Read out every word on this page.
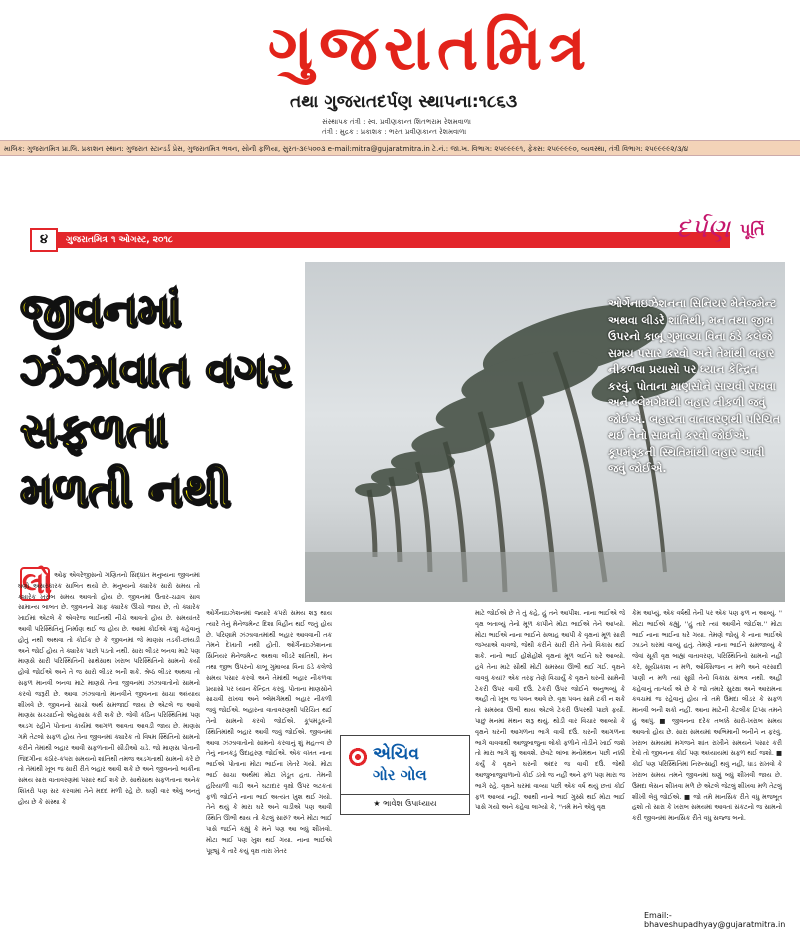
ગુજરાતમિત્ર
તથા ગુજરાતદર્પણ સ્થાપના:૧૮૬૩
સંસ્થાપક તંત્રી : સ્વ. પ્રવીણકાન્ત શિતભરામ રેશમવાળા
તંત્રી : મુદ્રક : પ્રકાશક : ભરત પ્રવીણકાન્ત રેશમવાળા
માલિક: ગુજરાતમિત્ર પ્રા.લિ. પ્રકાશન સ્થાન: ગુજરાત સ્ટાન્ડર્ડ પ્રેસ, ગુજરાતમિત્ર ભવન, સોની ફળિયા, સુરત-૩૯૫૦૦૩ e-mail:mitra@gujaratmitra.in ટે.નં.: જા.ખ. વિભાગ: ૨૫૯૯૯૯૧, ફેક્સ: ૨૫૯૯૯૯૦, વ્યવસ્થા, તંત્રી વિભાગ: ૨૫૯૯૯૯૨/૩/૪
૪	ગુજરાતમિત્ર ૧ ઓગસ્ટ, ૨૦૧૮	દર્પણ પૂર્તિ
જીવનમાં
ઝંઝાવાત વગર
સફળતા
મળતી નથી
ઓર્ગેનાઇઝેશનના સિનિયર મેનેજમેન્ટ અથવા લીડરે શાંતિથી, મન તથા જીભ ઉપરનો કાબૂ ગુમાવ્યા વિના ઠંડે કલેજે સમય પસાર કરવો અને તેમાંથી બહાર નીકળવા પ્રયાસો પર ધ્યાન કેન્દ્રિત કરવું. પોતાના માણસોને સાચવી રાખવા અને બ્લેમગેમથી બહાર નીકળી જવું જોઈએ. બહારના વાતાવરણથી પરિચિત થઈ તેનો સામનો કરવો જોઈએ. કૂપમંડૂકની સ્થિતિમાંથી બહાર આવી જવું જોઈએ.
લો ઓફ એવરેજીસનો ગણિતનો સિદ્ધાંત મનુષ્યના જીવનમાં ઘણો અસરકારક સાબિત થયો છે. મનુષ્યનો ક્યારેક સારો સમય તો ક્યારેક ખરાબ સમય આવતો હોય છે. જીવનમાં ઉતાર-ચઢાવ સાવ સામાન્ય બાબત છે. જીવનનો ગ્રાફ ક્યારેક ઊંચો જાય છે, તો ક્યારેક ખાઈમાં એટલે કે એવરેજ લાઈનથી નીચે આવતો હોય છે. સમયાંતરે આવી પરિસ્થિતિનું નિર્માણ થઈ જ હોય છે. આમાં કોઈએ કશું કહેવાનું હોતું નથી અથવા તો કોઈક છે કે જીવનમાં જે માણસ તડકી-છાંયડી અને જોઈ હોય તે ક્યારેક પાછો પડતો નથી. સારા લીડર બનવા માટે પણ માણસે સારી પરિસ્થિતિની સાથેસાથ ખરાબ પરિસ્થિતિનો સામનો કર્યો હોવો જોઈએ અને તે જ સારો લીડર બની શકે. શ્રેષ્ઠ લીડર અથવા તો સફળ માનવી બનવા માટે માણસે તેના જીવનમાં ઝંઝાવાતોનો સામનો કરવો જરૂરી છે. આવા ઝંઝાવાતો માનવીને જીવનના સાચા અધ્યાય શીખવે છે. જીવનનો સાચો અર્થ સમજાઈ જાય છે એટલે જ આવો માણસ સચ્ચાઈનો એહસાસ કરી શકે છે. જેવી કઠિન પરિસ્થિતિમાં પણ અડગ રહીને પોતાના કાર્યમાં આગળ આવતા આવડી જાય છે. માણસ ગમે તેટલો સફળ હોય તેના જીવનમાં ક્યારેક તો વિષમ સ્થિતિનો સામનો કરીને તેમાંથી બહાર આવી સફળતાની સીડીઓ ચડે. જો માણસ પોતાની જિંદગીના કઠોર-કપરા સમયનો શાંતિથી તમજ અડગતાથી સામનો કરે છે તો તેમાંથી ખૂબ જ સારી રીતે બહાર આવી શકે છે અને જીવનનો બાકીના સમય સારા વાતાવરણમાં પસાર થઈ શકે છે. સાથેસાથ સફળતાના અનેક શિખરો પણ સર કરવામાં તેને મદદ મળી રહે છે. ઘણી વાર એવું બનતું હોય છે કે સંસ્થા કે
ઓર્ગેનાઇઝેશનમાં જ્યારે કપરો સમય શરૂ થાય ત્યારે તેનું મેનેજમેન્ટ દિશા વિહીન થઈ જતું હોય છે. પરિણામે ઝંઝાવાતમાંથી બહાર આવવાની તક તેમને દેખાતી નથી હોતી. ઓર્ગેનાઇઝેશનના સિનિયર મેનેજમેન્ટ અથવા લીડરે શાંતિથી, મન તથા જીભ ઉપરનો કાબૂ ગુમાવ્યા વિના ઠંડે કલેજે સમય પસાર કરવો અને તેમાંથી બહાર નીકળવા પ્રયાસો પર ધ્યાન કેન્દ્રિત કરવું. પોતાના માણસોને સાચવી રાખવા અને બ્લેમગેમથી બહાર નીકળી જવું જોઈએ. બહારના વાતાવરણથી પરિચિત થઈ તેનો સામનો કરવો જોઈએ. કૂપમંડૂકની સ્થિતિમાંથી બહાર આવી જવું જોઈએ. જીવનમાં આવા ઝંઝાવાતોનો સામનો કરવાનું શું મહત્ત્વ છે તેનું નાનકડું ઉદાહરણ જોઈએ. એક વખત નાના ભાઈએ પોતાના મોટા ભાઈના ખેતરે ગયો. મોટા ભાઈ સાચા અર્થમાં મોટા ખેડૂત હતા. તેમની હરિયાળી વાડી અને ઘટાદાર વૃક્ષો ઉપર લટકતાં ફળો જોઈને નાના ભાઈ અત્યંત ખુશ થઈ ગયો. તેને થયું કે મારા ઘરે અને વાડીએ પણ આવી સ્થિતિ ઊભી થાય તો કેટલું સારું? અને મોટા ભાઈ પાસે જઈને કહ્યું કે મને પણ આ બધું શીખવો. મોટા ભાઈ પણ ખુશ થઈ ગયા. નાના ભાઈએ પૂછ્યું કે તારે કયું વૃક્ષ તારા ખેતર
માટે જોઈએ છે તે તું કહે, હું તને આપીશ. નાના ભાઈએ જે વૃક્ષ બતાવ્યું તેનો મૂળ કાપીને મોટા ભાઈએ તેને આપ્યો. મોટા ભાઈએ નાના ભાઈને સલાહ આપી કે વૃક્ષનાં મૂળ સારી જગ્યાએ વાવજે, જેથી કરીને સારી રીતે તેનો વિકાસ થઈ શકે. નાનો ભાઈ હોંશેહોંશે વૃક્ષનાં મૂળ લઈને ઘરે આવ્યો. હવે તેના માટે સૌથી મોટી સમસ્યા ઊભી થઈ ગઈ. વૃક્ષને વાવવું કયાં? એક તરફ તેણે વિચાર્યું કે વૃક્ષને ઘરની સામેની ટેકરી ઉપર વાવી દઉં. ટેકરી ઉપર જોઈને અનુભવ્યું કે અહીં તો ખૂબ જ પવન આવે છે. વૃક્ષ પવન સામે ટકી ન શકે તો સમસ્યા ઊભી થાય એટલે ટેકરી ઉપરથી પાછો ફર્યો. પાછું મનમાં મંથન શરૂ થયું. થોડી વાર વિચાર આવ્યો કે વૃક્ષને ઘરની આગળના ભાગે વાવી દઉં. ઘરની આગળના ભાગે વાવવાથી આજુબાજુના લોકો ફળોને તોડીને ખાઈ જશે તો મારા ભાગે શું આવશે. છેવટે લાંબા મનોમંથન પછી નક્કી કર્યું કે વૃક્ષને ઘરની અંદર જ વાવી દઉં. જેથી આજુબાજુવાળાનો કોઈ ડખો જ નહીં અને ફળ પણ મારા જ ભાગે રહે. વૃક્ષને ઘરમાં વાવ્યા પછી એક વર્ષ થયું છતાં કોઈ ફળ આવ્યાં નહીં. આથી નાનો ભાઈ ગુસ્સે થઈ મોટા ભાઈ પાસે ગયો અને કહેવા લાગ્યો કે, ''તમે મને એવું વૃક્ષ
કેમ આપ્યું, એક વર્ષથી તેની પર એક પણ ફળ ન આવ્યું. '' મોટા ભાઈએ કહ્યું, ''હું તારે ત્યાં આવીને જોઈશ.'' મોટા ભાઈ નાના ભાઈના ઘરે ગયા. તેમણે જોયું કે નાના ભાઈએ ઝાડને ઘરમાં વાવ્યું હતું. તેમણે નાના ભાઈને સમજાવ્યું કે જેવાં સૂકી વૃક્ષ બાહ્ય વાતાવરણ, પરિસ્થિતિનો સામનો નહીં કરે, સૂર્યપ્રકાશ ન મળે, ઓક્સિજન ન મળે અને વરસાદી પાણી ન મળે ત્યાં સુધી તેનો વિકાસ સંભવ નથી. અહીં કહેવાનું તાત્પર્ય એ છે કે જો તમારે સુરક્ષા અને આરામના કવચમાં જ રહેવાનું હોય તો તમે ઉમદા લીડર કે સફળ માનવી બની શકો નહીં. આના માટેની કેટલીક ટિપ્સ તમને હું આપું. ■ જીવનના દરેક તબક્કે સારો-ખરાબ સમય આવતો હોય છે. સારા સમયમાં અભિમાની બનીને ન ફરવું. ખરાબ સમયમાં મગજને શાંત રાખીને સમયને પસાર કરી દેવો તો જીવનના કોઈ પણ અધ્યાયમાં સફળ થઈ જશો. ■ કોઈ પણ પરિસ્થિતિમાં નિરુત્સાહી થવું નહીં, ધાડ રાખવો કે ખરાબ સમય તમને જીવનમાં ઘણું બધું શીખવી જાય છે. ઉમદા લેસન શીખવા મળે છે એટલે જેટલું શીખવા મળે તેટલું શીખી લેવું જોઈએ. ■ જો તમે માનસિક રીતે વધુ મજબૂત હશો તો સારા કે ખરાબ સમયમાં આવતાં સંકટનો જ સામનો કરી જીવનમાં માનસિક રીતે વધુ સજ્જ બનો.
એચિવ
ગોર ગોલ
★ ભાવેશ ઉપાધ્યાય
Email:- bhaveshupadhyay@gujaratmitra.in
